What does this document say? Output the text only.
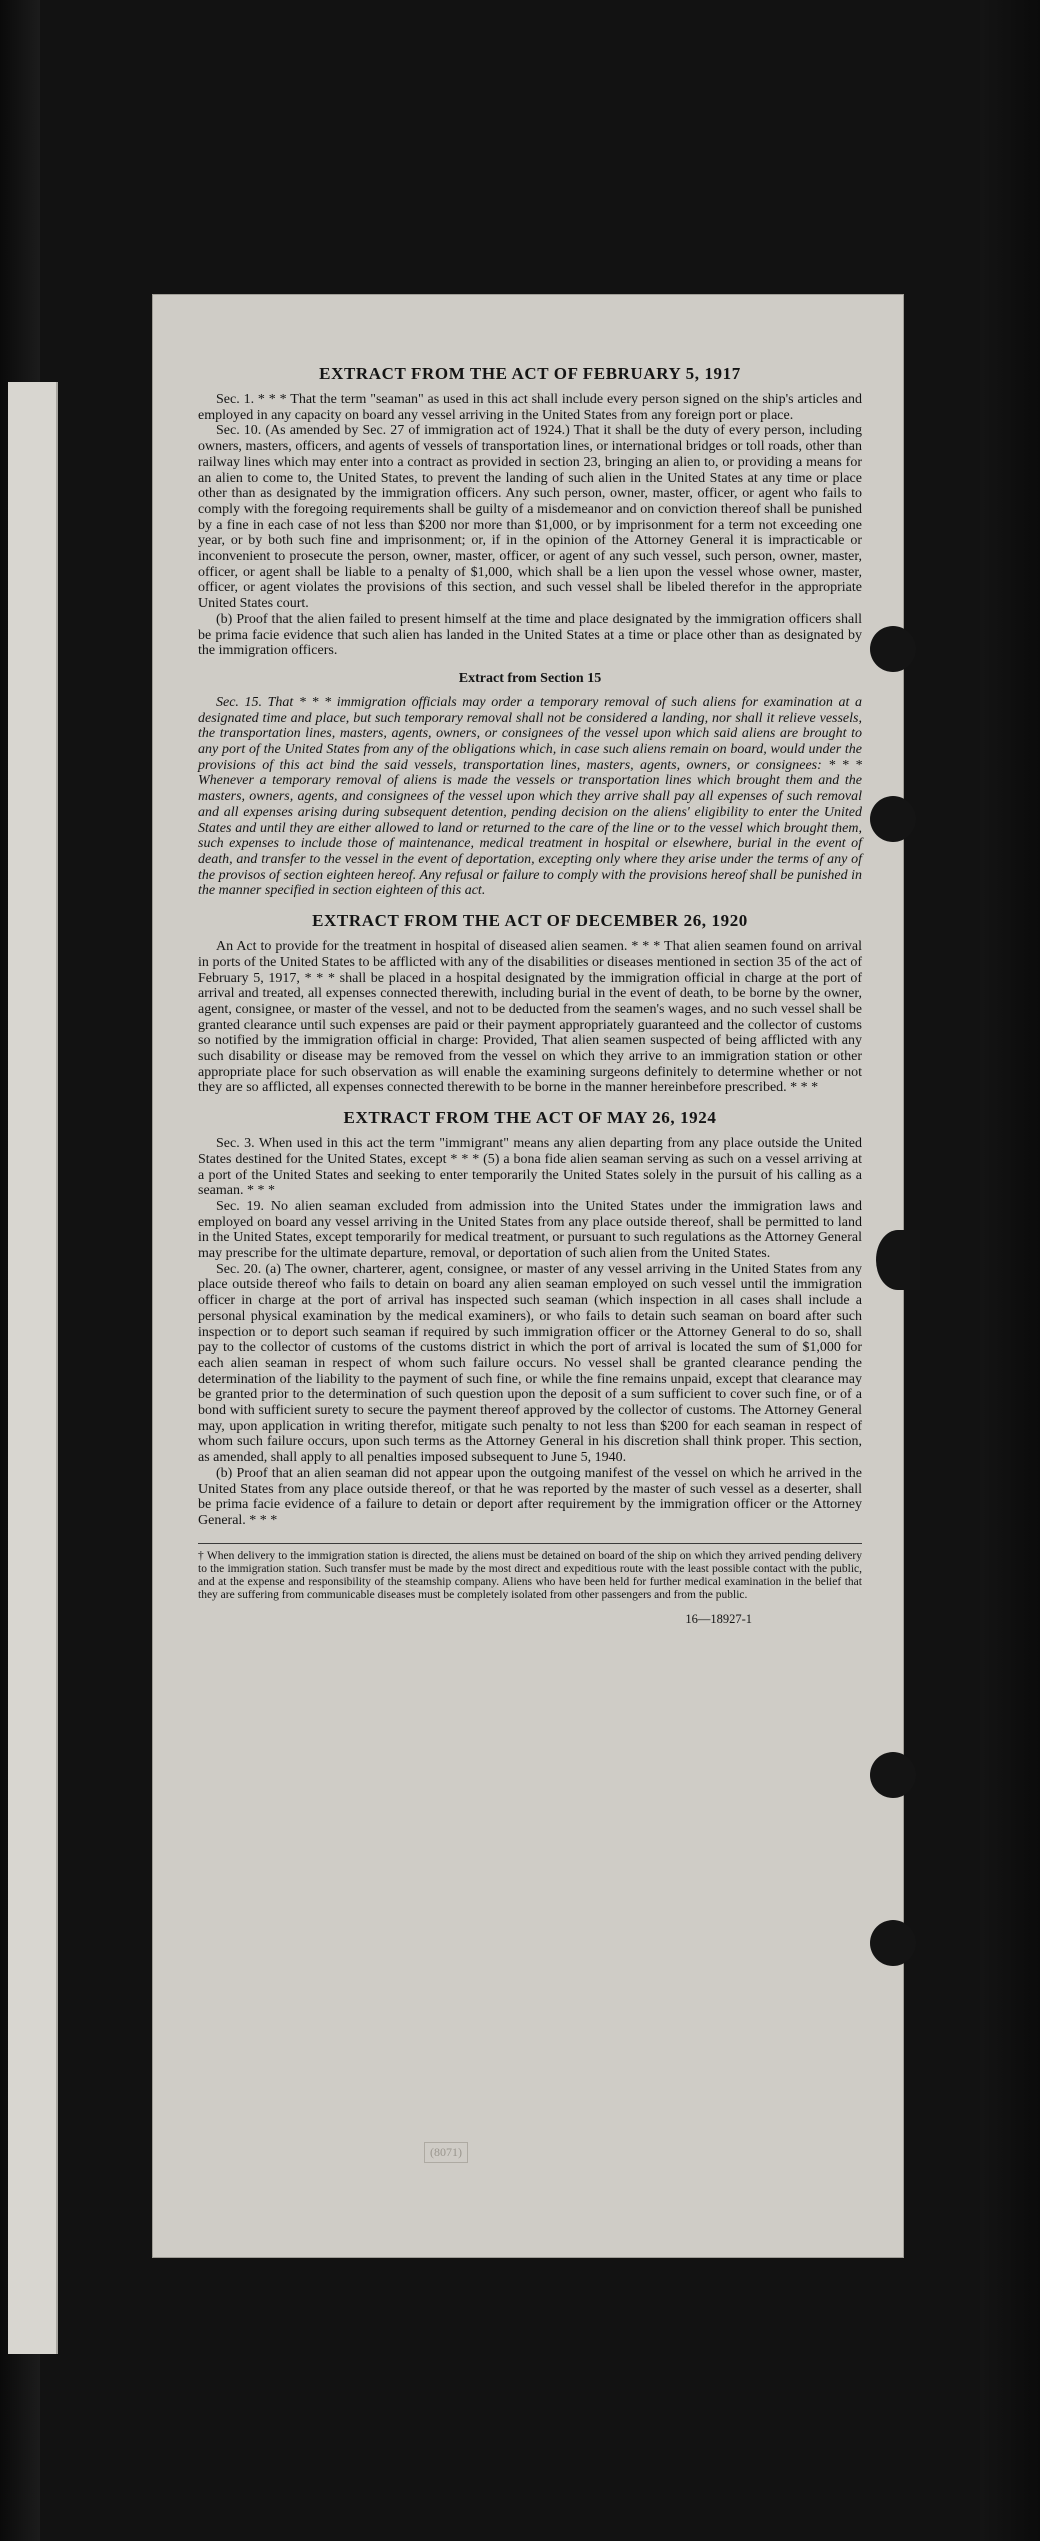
EXTRACT FROM THE ACT OF FEBRUARY 5, 1917

Sec. 1. * * * That the term "seaman" as used in this act shall include every person signed on the ship's articles and employed in any capacity on board any vessel arriving in the United States from any foreign port or place.

Sec. 10. (As amended by Sec. 27 of immigration act of 1924.) That it shall be the duty of every person, including owners, masters, officers, and agents of vessels of transportation lines, or international bridges or toll roads, other than railway lines which may enter into a contract as provided in section 23, bringing an alien to, or providing a means for an alien to come to, the United States, to prevent the landing of such alien in the United States at any time or place other than as designated by the immigration officers. Any such person, owner, master, officer, or agent who fails to comply with the foregoing requirements shall be guilty of a misdemeanor and on conviction thereof shall be punished by a fine in each case of not less than $200 nor more than $1,000, or by imprisonment for a term not exceeding one year, or by both such fine and imprisonment; or, if in the opinion of the Attorney General it is impracticable or inconvenient to prosecute the person, owner, master, officer, or agent of any such vessel, such person, owner, master, officer, or agent shall be liable to a penalty of $1,000, which shall be a lien upon the vessel whose owner, master, officer, or agent violates the provisions of this section, and such vessel shall be libeled therefor in the appropriate United States court.

(b) Proof that the alien failed to present himself at the time and place designated by the immigration officers shall be prima facie evidence that such alien has landed in the United States at a time or place other than as designated by the immigration officers.

Extract from Section 15

Sec. 15. That * * * immigration officials may order a temporary removal of such aliens for examination at a designated time and place, but such temporary removal shall not be considered a landing, nor shall it relieve vessels, the transportation lines, masters, agents, owners, or consignees of the vessel upon which said aliens are brought to any port of the United States from any of the obligations which, in case such aliens remain on board, would under the provisions of this act bind the said vessels, transportation lines, masters, agents, owners, or consignees: * * * Whenever a temporary removal of aliens is made the vessels or transportation lines which brought them and the masters, owners, agents, and consignees of the vessel upon which they arrive shall pay all expenses of such removal and all expenses arising during subsequent detention, pending decision on the aliens' eligibility to enter the United States and until they are either allowed to land or returned to the care of the line or to the vessel which brought them, such expenses to include those of maintenance, medical treatment in hospital or elsewhere, burial in the event of death, and transfer to the vessel in the event of deportation, excepting only where they arise under the terms of any of the provisos of section eighteen hereof. Any refusal or failure to comply with the provisions hereof shall be punished in the manner specified in section eighteen of this act.

EXTRACT FROM THE ACT OF DECEMBER 26, 1920

An Act to provide for the treatment in hospital of diseased alien seamen. * * * That alien seamen found on arrival in ports of the United States to be afflicted with any of the disabilities or diseases mentioned in section 35 of the act of February 5, 1917, * * * shall be placed in a hospital designated by the immigration official in charge at the port of arrival and treated, all expenses connected therewith, including burial in the event of death, to be borne by the owner, agent, consignee, or master of the vessel, and not to be deducted from the seamen's wages, and no such vessel shall be granted clearance until such expenses are paid or their payment appropriately guaranteed and the collector of customs so notified by the immigration official in charge: Provided, That alien seamen suspected of being afflicted with any such disability or disease may be removed from the vessel on which they arrive to an immigration station or other appropriate place for such observation as will enable the examining surgeons definitely to determine whether or not they are so afflicted, all expenses connected therewith to be borne in the manner hereinbefore prescribed. * * *

EXTRACT FROM THE ACT OF MAY 26, 1924

Sec. 3. When used in this act the term "immigrant" means any alien departing from any place outside the United States destined for the United States, except * * * (5) a bona fide alien seaman serving as such on a vessel arriving at a port of the United States and seeking to enter temporarily the United States solely in the pursuit of his calling as a seaman. * * *

Sec. 19. No alien seaman excluded from admission into the United States under the immigration laws and employed on board any vessel arriving in the United States from any place outside thereof, shall be permitted to land in the United States, except temporarily for medical treatment, or pursuant to such regulations as the Attorney General may prescribe for the ultimate departure, removal, or deportation of such alien from the United States.

Sec. 20. (a) The owner, charterer, agent, consignee, or master of any vessel arriving in the United States from any place outside thereof who fails to detain on board any alien seaman employed on such vessel until the immigration officer in charge at the port of arrival has inspected such seaman (which inspection in all cases shall include a personal physical examination by the medical examiners), or who fails to detain such seaman on board after such inspection or to deport such seaman if required by such immigration officer or the Attorney General to do so, shall pay to the collector of customs of the customs district in which the port of arrival is located the sum of $1,000 for each alien seaman in respect of whom such failure occurs. No vessel shall be granted clearance pending the determination of the liability to the payment of such fine, or while the fine remains unpaid, except that clearance may be granted prior to the determination of such question upon the deposit of a sum sufficient to cover such fine, or of a bond with sufficient surety to secure the payment thereof approved by the collector of customs. The Attorney General may, upon application in writing therefor, mitigate such penalty to not less than $200 for each seaman in respect of whom such failure occurs, upon such terms as the Attorney General in his discretion shall think proper. This section, as amended, shall apply to all penalties imposed subsequent to June 5, 1940.

(b) Proof that an alien seaman did not appear upon the outgoing manifest of the vessel on which he arrived in the United States from any place outside thereof, or that he was reported by the master of such vessel as a deserter, shall be prima facie evidence of a failure to detain or deport after requirement by the immigration officer or the Attorney General. * * *

† When delivery to the immigration station is directed, the aliens must be detained on board of the ship on which they arrived pending delivery to the immigration station. Such transfer must be made by the most direct and expeditious route with the least possible contact with the public, and at the expense and responsibility of the steamship company. Aliens who have been held for further medical examination in the belief that they are suffering from communicable diseases must be completely isolated from other passengers and from the public.
16—18927-1
(8071)
